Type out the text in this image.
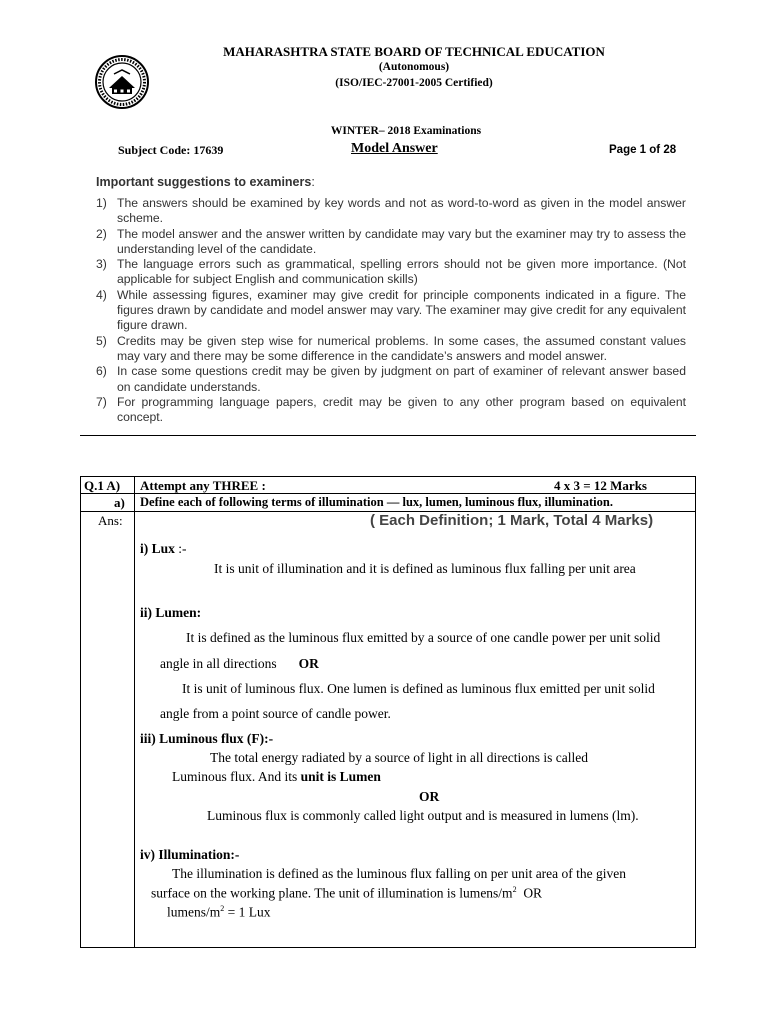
MAHARASHTRA STATE BOARD OF TECHNICAL EDUCATION
(Autonomous)
(ISO/IEC-27001-2005 Certified)
WINTER– 2018 Examinations
Subject Code: 17639	Model Answer	Page 1 of 28
Important suggestions to examiners:
1) The answers should be examined by key words and not as word-to-word as given in the model answer scheme.
2) The model answer and the answer written by candidate may vary but the examiner may try to assess the understanding level of the candidate.
3) The language errors such as grammatical, spelling errors should not be given more importance. (Not applicable for subject English and communication skills)
4) While assessing figures, examiner may give credit for principle components indicated in a figure. The figures drawn by candidate and model answer may vary. The examiner may give credit for any equivalent figure drawn.
5) Credits may be given step wise for numerical problems. In some cases, the assumed constant values may vary and there may be some difference in the candidate’s answers and model answer.
6) In case some questions credit may be given by judgment on part of examiner of relevant answer based on candidate understands.
7) For programming language papers, credit may be given to any other program based on equivalent concept.
Q.1 A) Attempt any THREE :	4 x 3 = 12 Marks
a) Define each of following terms of illumination — lux, lumen, luminous flux, illumination.
Ans:	( Each Definition; 1 Mark, Total 4 Marks)
i) Lux :-
It is unit of illumination and it is defined as luminous flux falling per unit area
ii) Lumen:
It is defined as the luminous flux emitted by a source of one candle power per unit solid
angle in all directions OR
It is unit of luminous flux. One lumen is defined as luminous flux emitted per unit solid
angle from a point source of candle power.
iii) Luminous flux (F):-
The total energy radiated by a source of light in all directions is called
Luminous flux. And its unit is Lumen
OR
Luminous flux is commonly called light output and is measured in lumens (lm).
iv) Illumination:-
The illumination is defined as the luminous flux falling on per unit area of the given
surface on the working plane. The unit of illumination is lumens/$m^2$  OR
lumens/$m^2 = 1$ Lux
